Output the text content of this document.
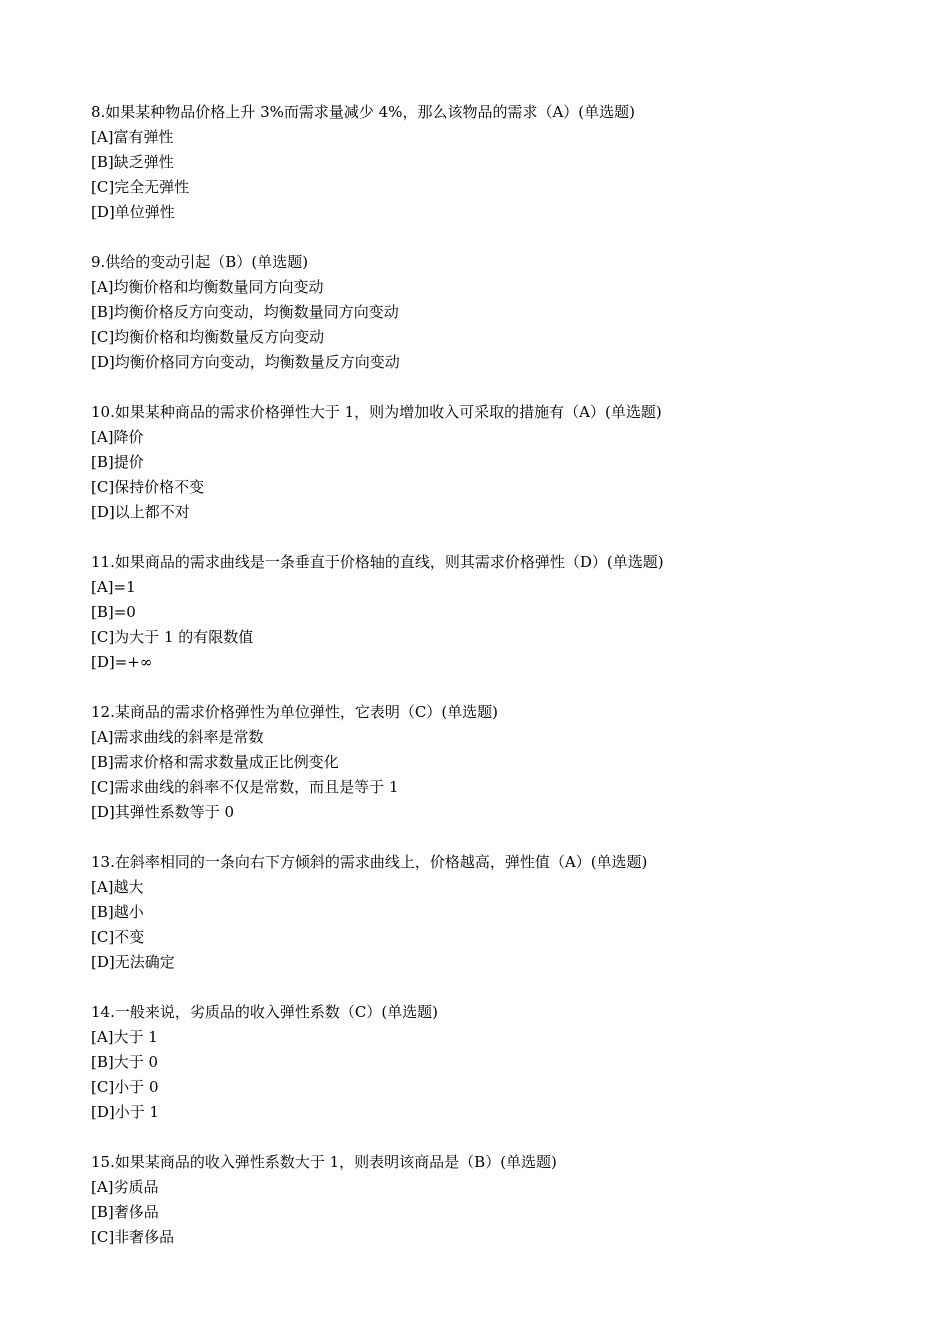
8.如果某种物品价格上升 3%而需求量减少 4%，那么该物品的需求（A）(单选题)
[A]富有弹性
[B]缺乏弹性
[C]完全无弹性
[D]单位弹性
9.供给的变动引起（B）(单选题)
[A]均衡价格和均衡数量同方向变动
[B]均衡价格反方向变动，均衡数量同方向变动
[C]均衡价格和均衡数量反方向变动
[D]均衡价格同方向变动，均衡数量反方向变动
10.如果某种商品的需求价格弹性大于 1，则为增加收入可采取的措施有（A）(单选题)
[A]降价
[B]提价
[C]保持价格不变
[D]以上都不对
11.如果商品的需求曲线是一条垂直于价格轴的直线，则其需求价格弹性（D）(单选题)
[A]=1
[B]=0
[C]为大于 1 的有限数值
[D]=+∞
12.某商品的需求价格弹性为单位弹性，它表明（C）(单选题)
[A]需求曲线的斜率是常数
[B]需求价格和需求数量成正比例变化
[C]需求曲线的斜率不仅是常数，而且是等于 1
[D]其弹性系数等于 0
13.在斜率相同的一条向右下方倾斜的需求曲线上，价格越高，弹性值（A）(单选题)
[A]越大
[B]越小
[C]不变
[D]无法确定
14.一般来说，劣质品的收入弹性系数（C）(单选题)
[A]大于 1
[B]大于 0
[C]小于 0
[D]小于 1
15.如果某商品的收入弹性系数大于 1，则表明该商品是（B）(单选题)
[A]劣质品
[B]奢侈品
[C]非奢侈品
